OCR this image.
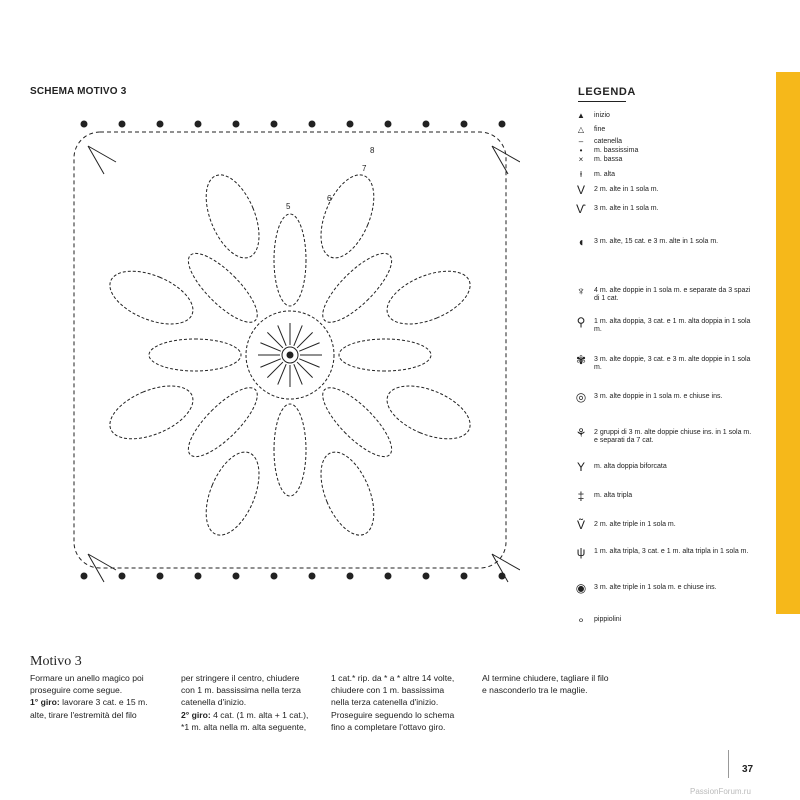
SCHEMA MOTIVO 3
6
7
8
5
LEGENDA
▲	inizio
△	fine
–	catenella
•	m. bassissima
×	m. bassa
ⱡ	m. alta
V	2 m. alte in 1 sola m.
Ѵ	3 m. alte in 1 sola m.
◖	3 m. alte, 15 cat. e 3 m. alte in 1 sola m.
♆	4 m. alte doppie in 1 sola m. e separate da 3 spazi di 1 cat.
⚲	1 m. alta doppia, 3 cat. e 1 m. alta doppia in 1 sola m.
✾	3 m. alte doppie, 3 cat. e 3 m. alte doppie in 1 sola m.
◎	3 m. alte doppie in 1 sola m. e chiuse ins.
⚘	2 gruppi di 3 m. alte doppie chiuse ins. in 1 sola m. e separati da 7 cat.
Y	m. alta doppia biforcata
‡	m. alta tripla
Ṽ	2 m. alte triple in 1 sola m.
ψ	1 m. alta tripla, 3 cat. e 1 m. alta tripla in 1 sola m.
◉	3 m. alte triple in 1 sola m. e chiuse ins.
∘	pippiolini
Motivo 3
Formare un anello magico poi
proseguire come segue.
1° giro: lavorare 3 cat. e 15 m.
alte, tirare l'estremità del filo
per stringere il centro, chiudere
con 1 m. bassissima nella terza
catenella d'inizio.
2° giro: 4 cat. (1 m. alta + 1 cat.),
*1 m. alta nella m. alta seguente,
1 cat.* rip. da * a * altre 14 volte,
chiudere con 1 m. bassissima
nella terza catenella d'inizio.
Proseguire seguendo lo schema
fino a completare l'ottavo giro.
Al termine chiudere, tagliare il filo
e nasconderlo tra le maglie.
37
PassionForum.ru
